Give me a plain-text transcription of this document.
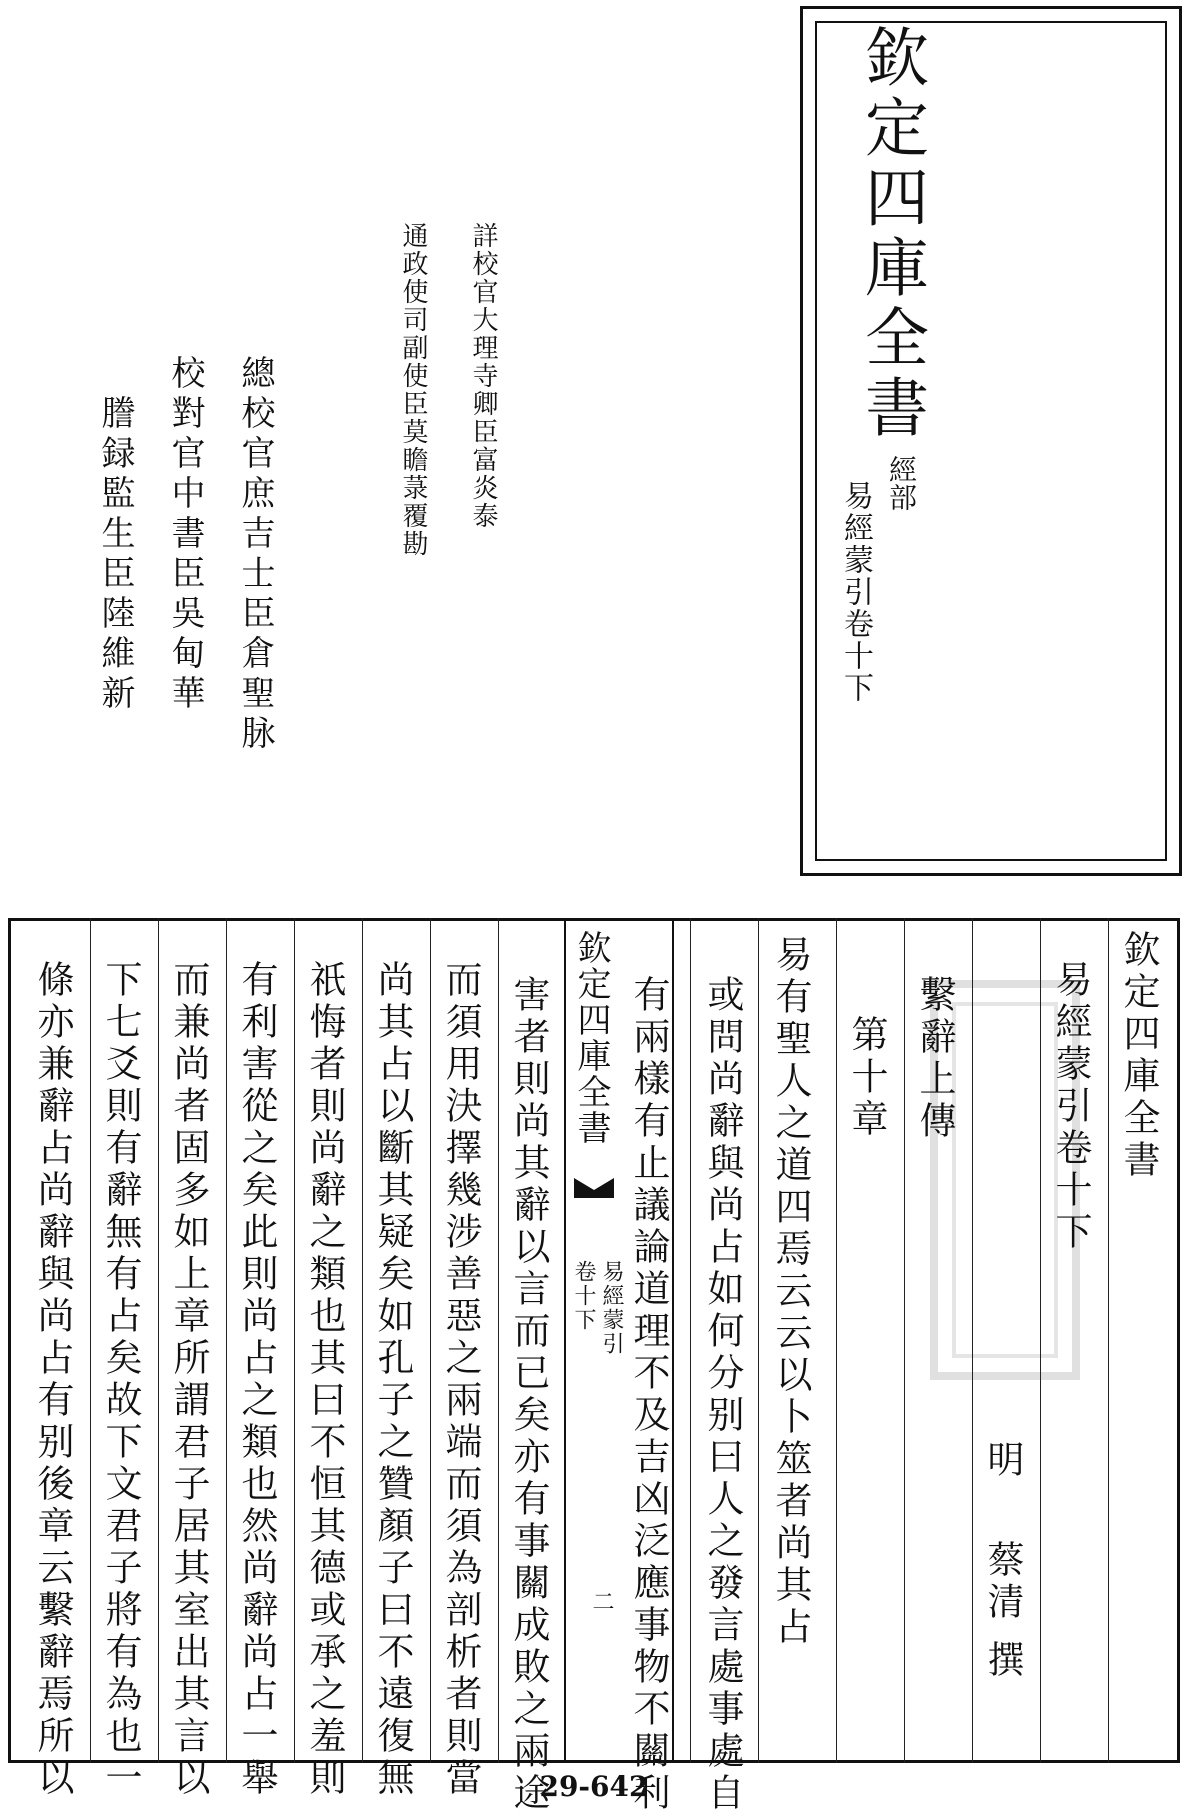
欽定四庫全書
經部
易經蒙引卷十下
詳校官大理寺卿臣富炎泰
通政使司副使臣莫瞻菉覆勘
總校官庶吉士臣倉聖脉
校對官中書臣吳甸華
謄録監生臣陸維新
欽定四庫全書
易經蒙引卷十下
明
蔡清
撰
繫辭上傳
第十章
易有聖人之道四焉云云以卜筮者尚其占
或問尚辭與尚占如何分别曰人之發言處事處自
有兩樣有止議論道理不及吉凶泛應事物不關利
欽定四庫全書
易經蒙引
卷十下
二
害者則尚其辭以言而已矣亦有事關成敗之兩途
而須用決擇幾涉善惡之兩端而須為剖析者則當
尚其占以斷其疑矣如孔子之贊顏子曰不遠復無
祇悔者則尚辭之類也其曰不恒其德或承之羞則
有利害從之矣此則尚占之類也然尚辭尚占一舉
而兼尚者固多如上章所謂君子居其室出其言以
下七爻則有辭無有占矣故下文君子將有為也一
條亦兼辭占尚辭與尚占有别後章云繫辭焉所以	29-642
